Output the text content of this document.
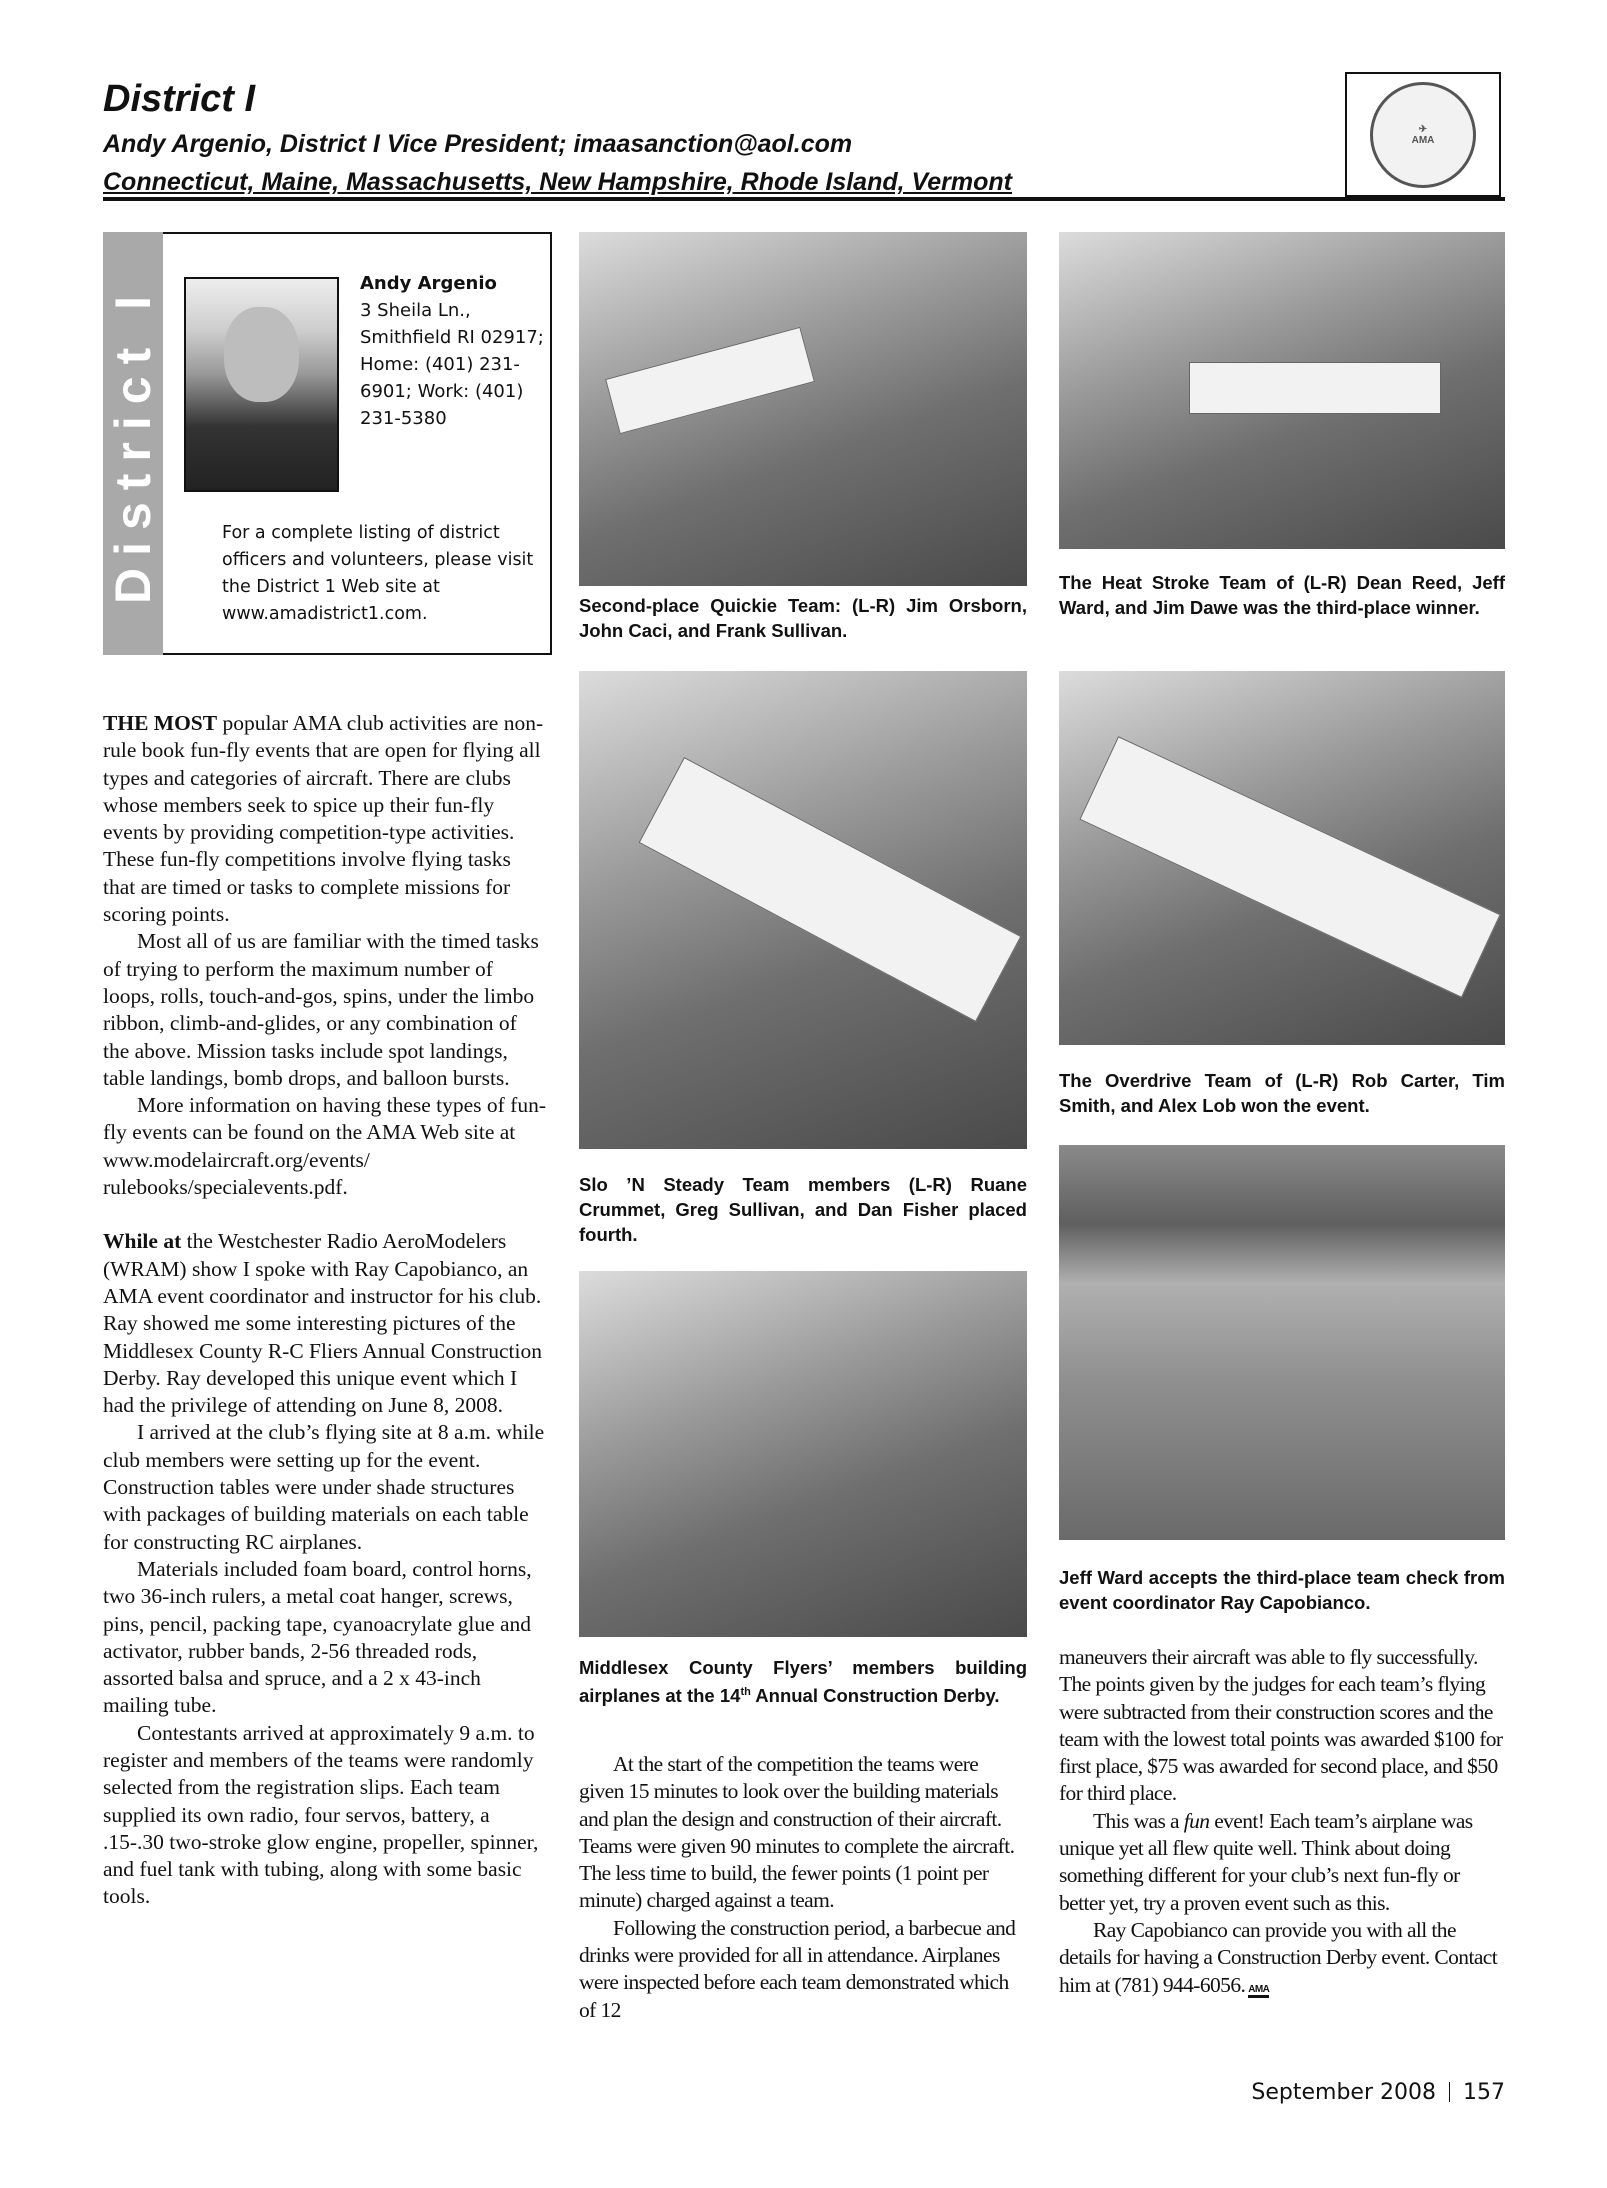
District I
Andy Argenio, District I Vice President; imaasanction@aol.com
Connecticut, Maine, Massachusetts, New Hampshire, Rhode Island, Vermont
✈
AMA
District I	Andy Argenio
3 Sheila Ln.,
Smithfield RI 02917;
Home: (401) 231-
6901; Work: (401)
231-5380
For a complete listing of district officers and volunteers, please visit the District 1 Web site at www.amadistrict1.com.	Second-place Quickie Team: (L-R) Jim Orsborn, John Caci, and Frank Sullivan.
The Heat Stroke Team of (L-R) Dean Reed, Jeff Ward, and Jim Dawe was the third-place winner.
Slo ’N Steady Team members (L-R) Ruane Crummet, Greg Sullivan, and Dan Fisher placed fourth.
The Overdrive Team of (L-R) Rob Carter, Tim Smith, and Alex Lob won the event.
Jeff Ward accepts the third-place team check from event coordinator Ray Capobianco.
Middlesex County Flyers’ members building airplanes at the 14th Annual Construction Derby.

THE MOST popular AMA club activities are non-rule book fun-fly events that are open for flying all types and categories of aircraft. There are clubs whose members seek to spice up their fun-fly events by providing competition-type activities. These fun-fly competitions involve flying tasks that are timed or tasks to complete missions for scoring points.

Most all of us are familiar with the timed tasks of trying to perform the maximum number of loops, rolls, touch-and-gos, spins, under the limbo ribbon, climb-and-glides, or any combination of the above. Mission tasks include spot landings, table landings, bomb drops, and balloon bursts.

More information on having these types of fun-fly events can be found on the AMA Web site at www.modelaircraft.org/events/ rulebooks/specialevents.pdf.

While at the Westchester Radio AeroModelers (WRAM) show I spoke with Ray Capobianco, an AMA event coordinator and instructor for his club. Ray showed me some interesting pictures of the Middlesex County R-C Fliers Annual Construction Derby. Ray developed this unique event which I had the privilege of attending on June 8, 2008.

I arrived at the club’s flying site at 8 a.m. while club members were setting up for the event. Construction tables were under shade structures with packages of building materials on each table for constructing RC airplanes.

Materials included foam board, control horns, two 36-inch rulers, a metal coat hanger, screws, pins, pencil, packing tape, cyanoacrylate glue and activator, rubber bands, 2-56 threaded rods, assorted balsa and spruce, and a 2 x 43-inch mailing tube.

Contestants arrived at approximately 9 a.m. to register and members of the teams were randomly selected from the registration slips. Each team supplied its own radio, four servos, battery, a .15-.30 two-stroke glow engine, propeller, spinner, and fuel tank with tubing, along with some basic tools.

At the start of the competition the teams were given 15 minutes to look over the building materials and plan the design and construction of their aircraft. Teams were given 90 minutes to complete the aircraft. The less time to build, the fewer points (1 point per minute) charged against a team.

Following the construction period, a barbecue and drinks were provided for all in attendance. Airplanes were inspected before each team demonstrated which of 12

maneuvers their aircraft was able to fly successfully. The points given by the judges for each team’s flying were subtracted from their construction scores and the team with the lowest total points was awarded $100 for first place, $75 was awarded for second place, and $50 for third place.

This was a fun event! Each team’s airplane was unique yet all flew quite well. Think about doing something different for your club’s next fun-fly or better yet, try a proven event such as this.

Ray Capobianco can provide you with all the details for having a Construction Derby event. Contact him at (781) 944-6056. AMA

September 2008 157
